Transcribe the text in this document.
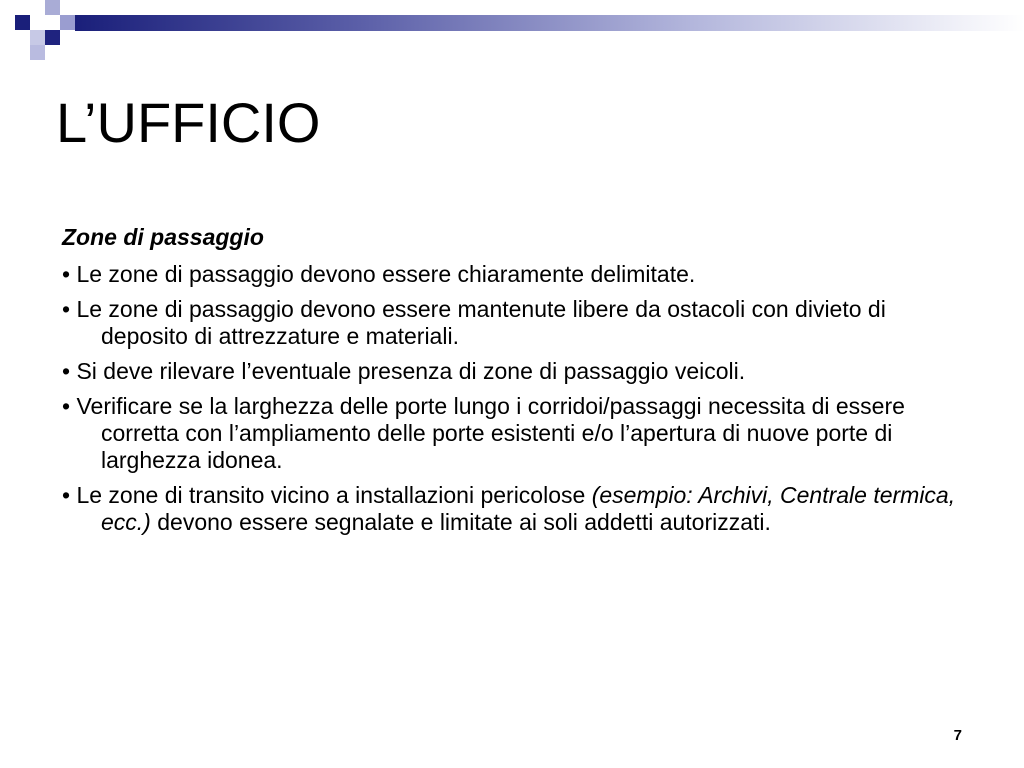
L’UFFICIO
Zone di passaggio
• Le zone di passaggio devono essere chiaramente delimitate.
• Le zone di passaggio devono essere mantenute libere da ostacoli con divieto di deposito di attrezzature e materiali.
• Si deve rilevare l’eventuale presenza di zone di passaggio veicoli.
• Verificare se la larghezza delle porte lungo i corridoi/passaggi necessita di essere corretta con l’ampliamento delle porte esistenti e/o l’apertura di nuove porte di larghezza idonea.
• Le zone di transito vicino a installazioni pericolose (esempio: Archivi, Centrale termica, ecc.) devono essere segnalate e limitate ai soli addetti autorizzati.
7
